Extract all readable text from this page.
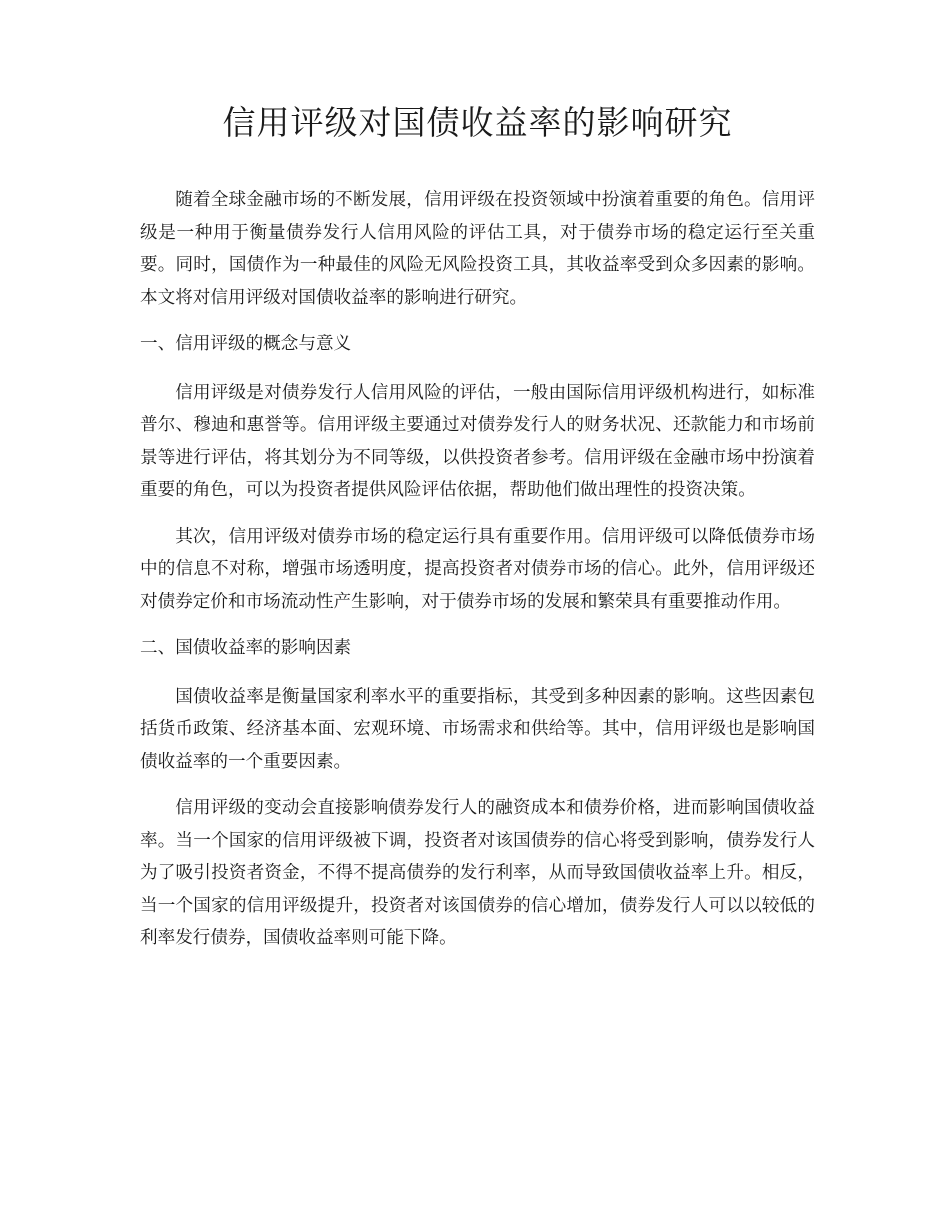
信用评级对国债收益率的影响研究

随着全球金融市场的不断发展，信用评级在投资领域中扮演着重要的角色。信用评级是一种用于衡量债券发行人信用风险的评估工具，对于债券市场的稳定运行至关重要。同时，国债作为一种最佳的风险无风险投资工具，其收益率受到众多因素的影响。本文将对信用评级对国债收益率的影响进行研究。

一、信用评级的概念与意义

信用评级是对债券发行人信用风险的评估，一般由国际信用评级机构进行，如标准普尔、穆迪和惠誉等。信用评级主要通过对债券发行人的财务状况、还款能力和市场前景等进行评估，将其划分为不同等级，以供投资者参考。信用评级在金融市场中扮演着重要的角色，可以为投资者提供风险评估依据，帮助他们做出理性的投资决策。

其次，信用评级对债券市场的稳定运行具有重要作用。信用评级可以降低债券市场中的信息不对称，增强市场透明度，提高投资者对债券市场的信心。此外，信用评级还对债券定价和市场流动性产生影响，对于债券市场的发展和繁荣具有重要推动作用。

二、国债收益率的影响因素

国债收益率是衡量国家利率水平的重要指标，其受到多种因素的影响。这些因素包括货币政策、经济基本面、宏观环境、市场需求和供给等。其中，信用评级也是影响国债收益率的一个重要因素。

信用评级的变动会直接影响债券发行人的融资成本和债券价格，进而影响国债收益率。当一个国家的信用评级被下调，投资者对该国债券的信心将受到影响，债券发行人为了吸引投资者资金，不得不提高债券的发行利率，从而导致国债收益率上升。相反，当一个国家的信用评级提升，投资者对该国债券的信心增加，债券发行人可以以较低的利率发行债券，国债收益率则可能下降。
